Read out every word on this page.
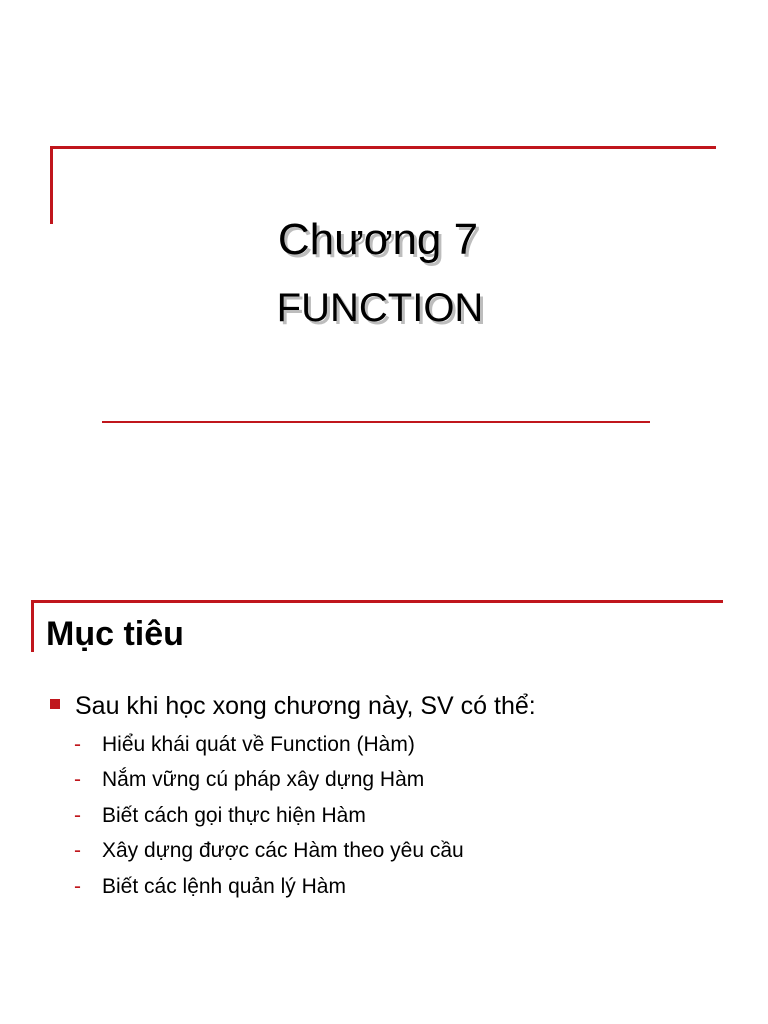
Chương 7
FUNCTION
Mục tiêu
Sau khi học xong chương này, SV có thể:
-	Hiểu khái quát về Function (Hàm)
-	Nắm vững cú pháp xây dựng Hàm
-	Biết cách gọi thực hiện Hàm
-	Xây dựng được các Hàm theo yêu cầu
-	Biết các lệnh quản lý Hàm
